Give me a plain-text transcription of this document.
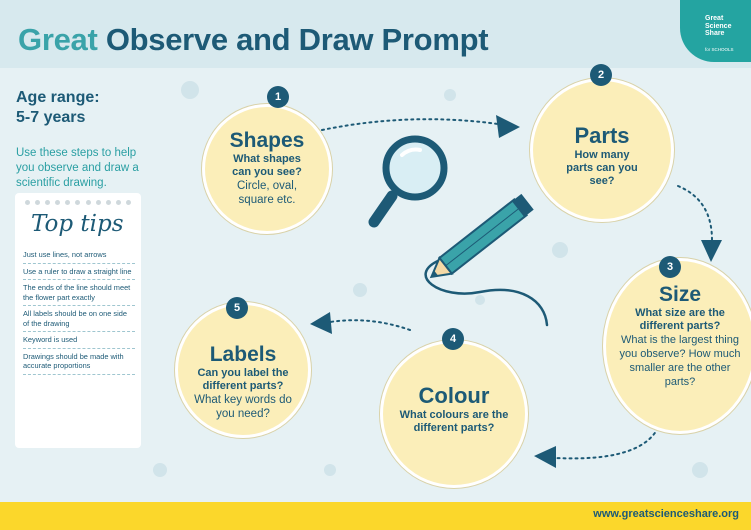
Great Observe and Draw Prompt
Great
Science
Share
for SCHOOLS

Age range:
5-7 years

Use these steps to help you observe and draw a scientific drawing.

Top tips
Just use lines, not arrows
Use a ruler to draw a straight line
The ends of the line should meet the flower part exactly
All labels should be on one side of the drawing
Keyword is used
Drawings should be made with accurate proportions

Shapes

What shapes can you see?

Circle, oval, square etc.

1

Parts

How many parts can you see?

2

Size

What size are the different parts?

What is the largest thing you observe? How much smaller are the other parts?

3

Colour

What colours are the different parts?

4

Labels

Can you label the different parts?

What key words do you need?

5
www.greatscienceshare.org
